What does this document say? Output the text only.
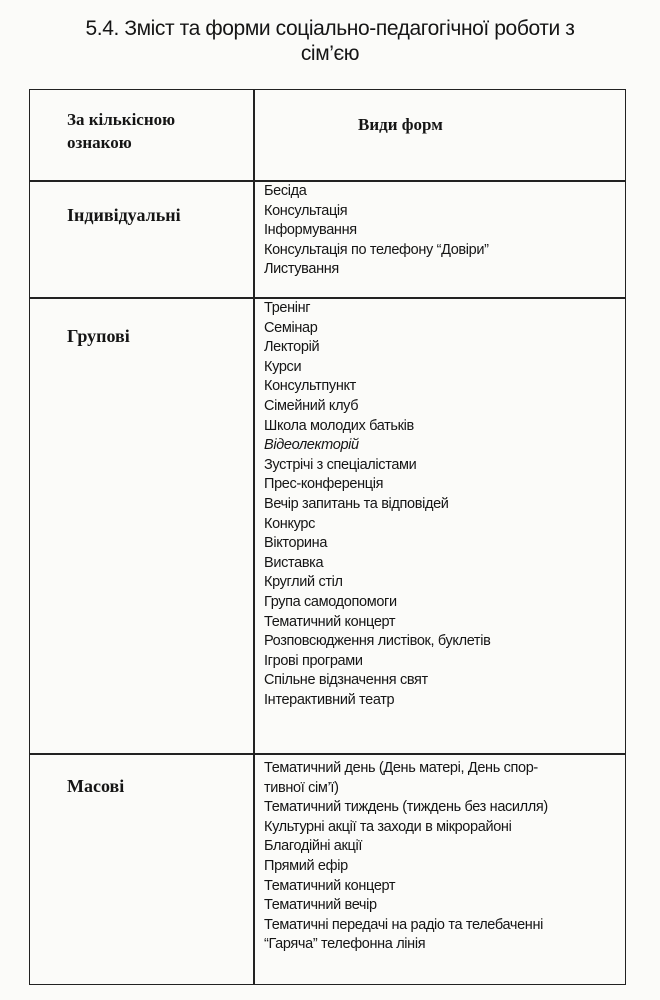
5.4. Зміст та форми соціально-педагогічної роботи з
сім’єю
За кількісною
ознакою
Види форм
Індивідуальні
Бесіда
Консультація
Інформування
Консультація по телефону “Довіри”
Листування
Групові
Тренінг
Семінар
Лекторій
Курси
Консультпункт
Сімейний клуб
Школа молодих батьків
Відеолекторій
Зустрічі з спеціалістами
Прес-конференція
Вечір запитань та відповідей
Конкурс
Вікторина
Виставка
Круглий стіл
Група самодопомоги
Тематичний концерт
Розповсюдження листівок, буклетів
Ігрові програми
Спільне відзначення свят
Інтерактивний театр
Масові
Тематичний день (День матері, День спор-
тивної сім’ї)
Тематичний тиждень (тиждень без насилля)
Культурні акції та заходи в мікрорайоні
Благодійні акції
Прямий ефір
Тематичний концерт
Тематичний вечір
Тематичні передачі на радіо та телебаченні
“Гаряча” телефонна лінія
